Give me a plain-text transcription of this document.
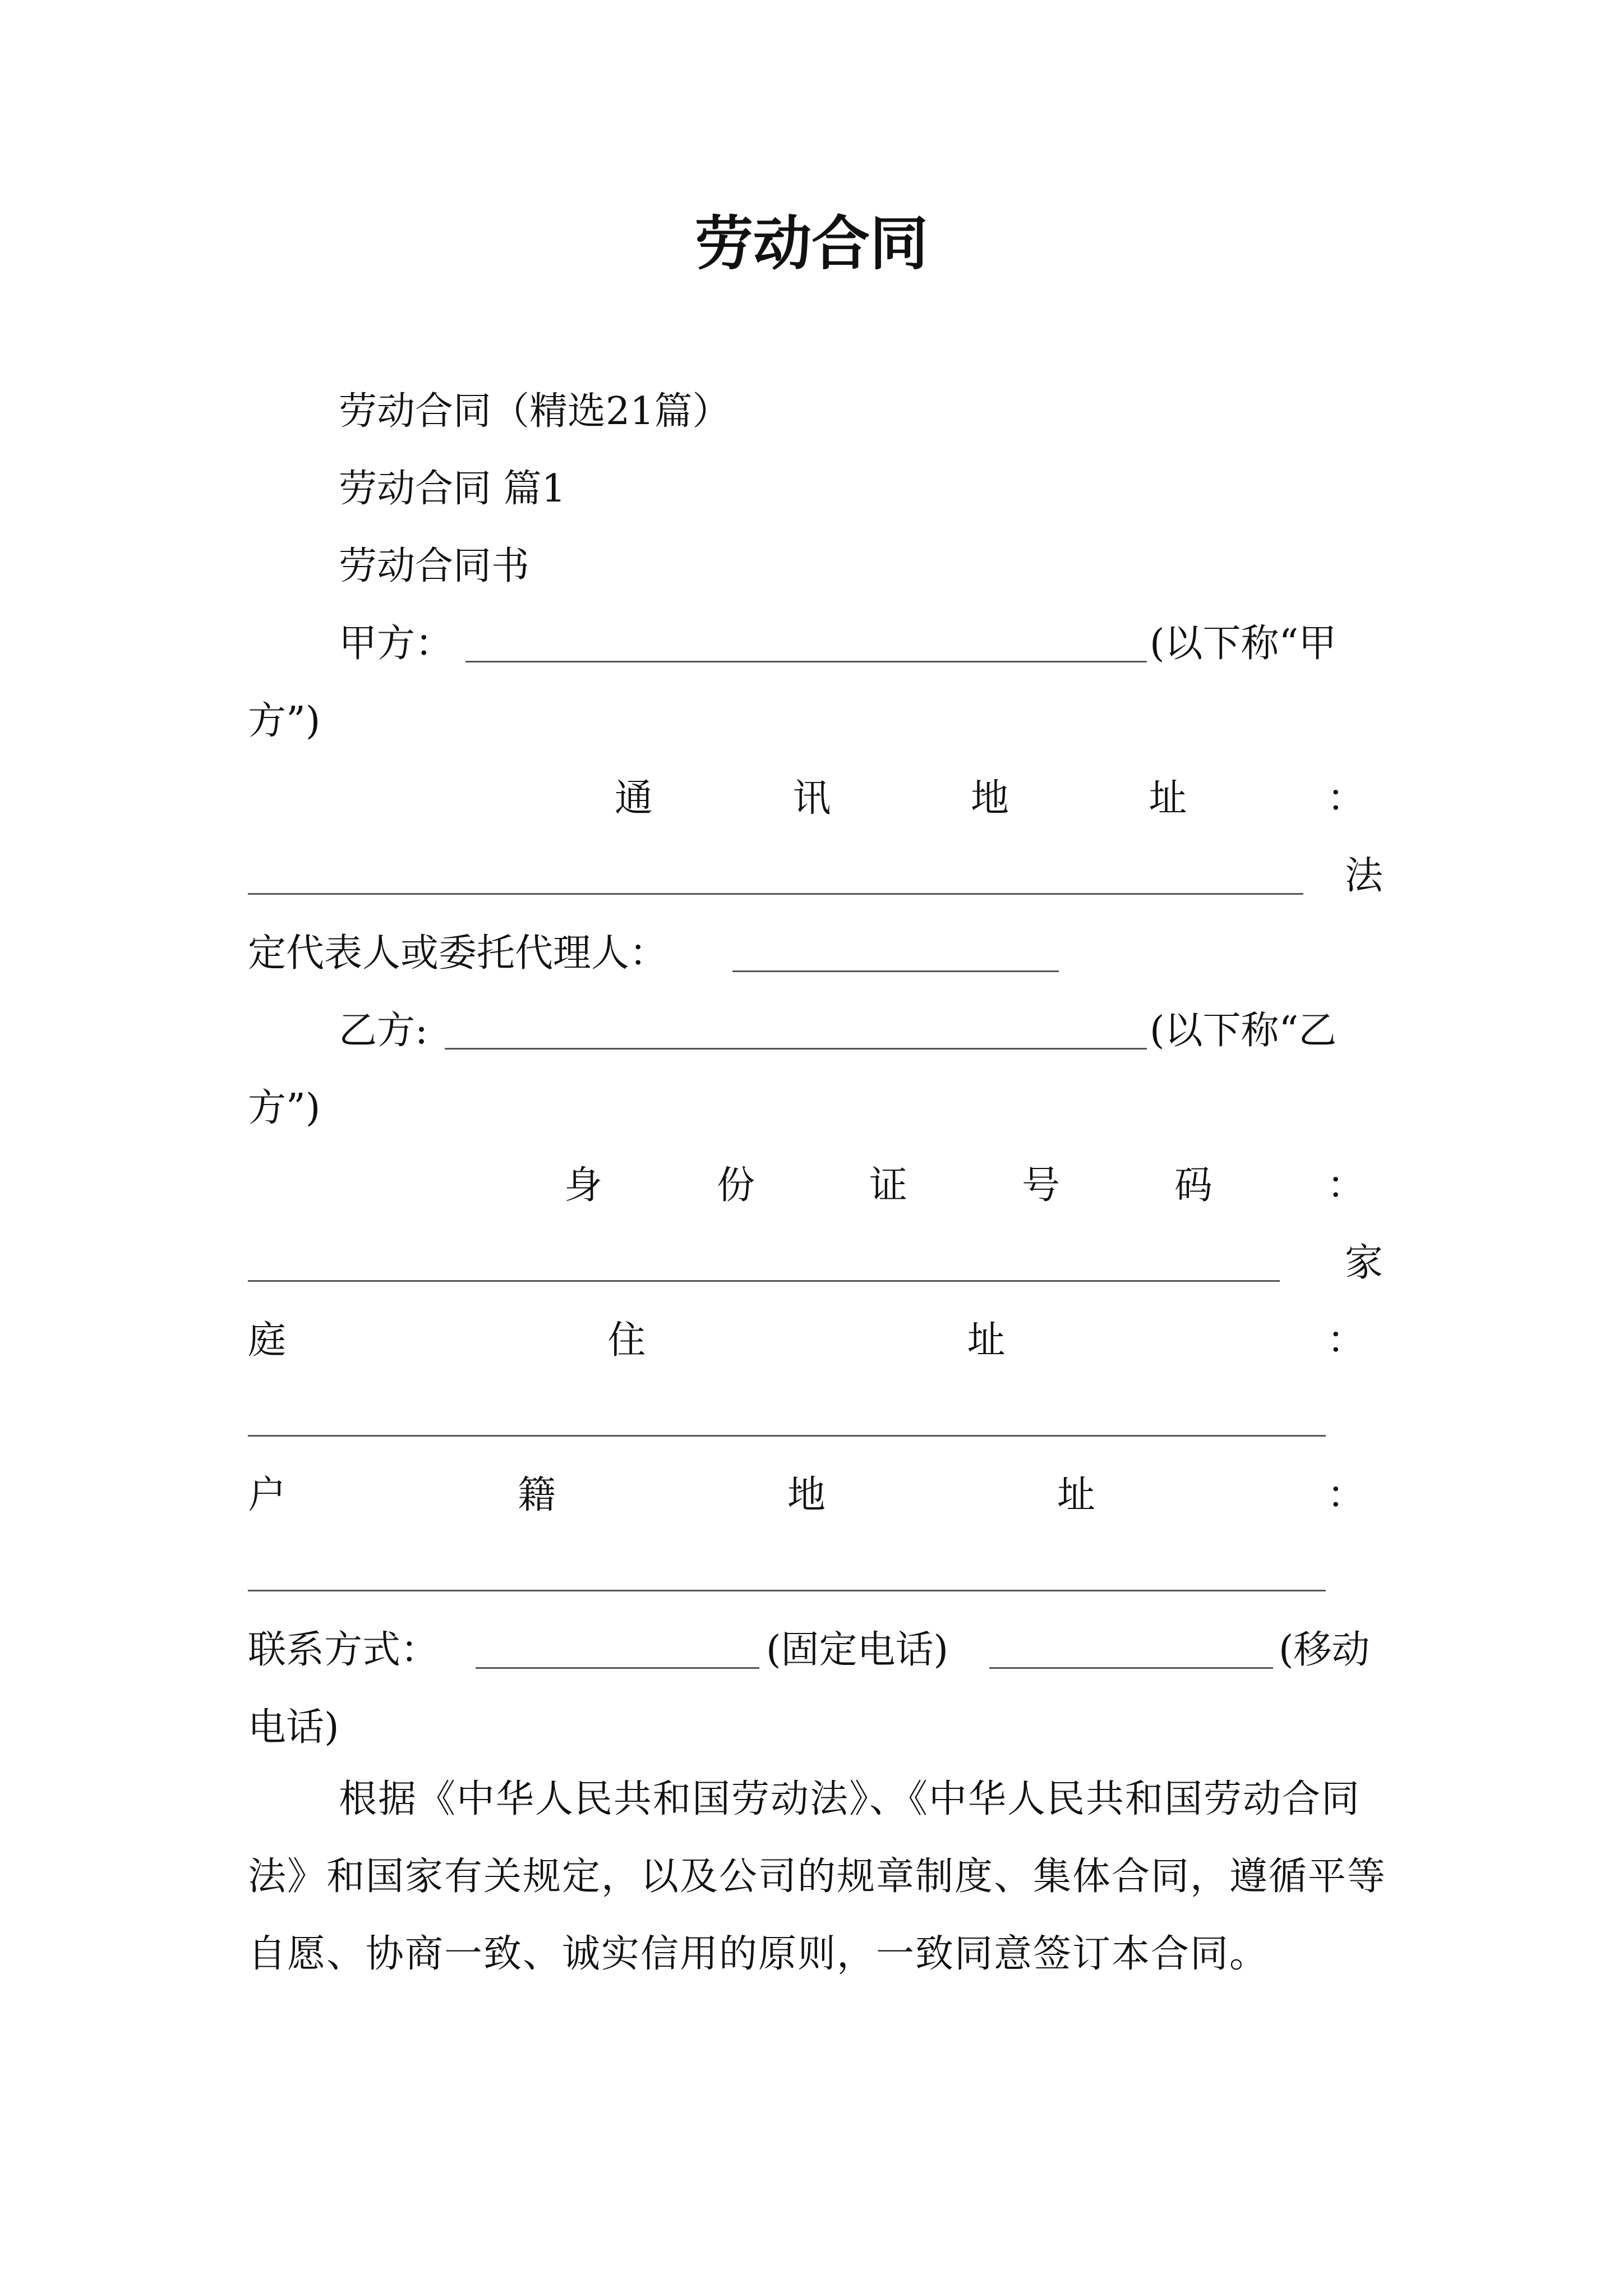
劳动合同
劳动合同（精选21篇）
劳动合同 篇1
劳动合同书
甲方：	(以下称“甲
方”)
通	讯	地	址	：
法
定代表人或委托代理人：
乙方:	(以下称“乙
方”)
身	份	证	号	码	：
家
庭	住	址	：
户	籍	地	址	：
联系方式：	(固定电话)	(移动
电话)
根据《中华人民共和国劳动法》、《中华人民共和国劳动合同法》和国家有关规定，以及公司的规章制度、集体合同，遵循平等自愿、协商一致、诚实信用的原则，一致同意签订本合同。
